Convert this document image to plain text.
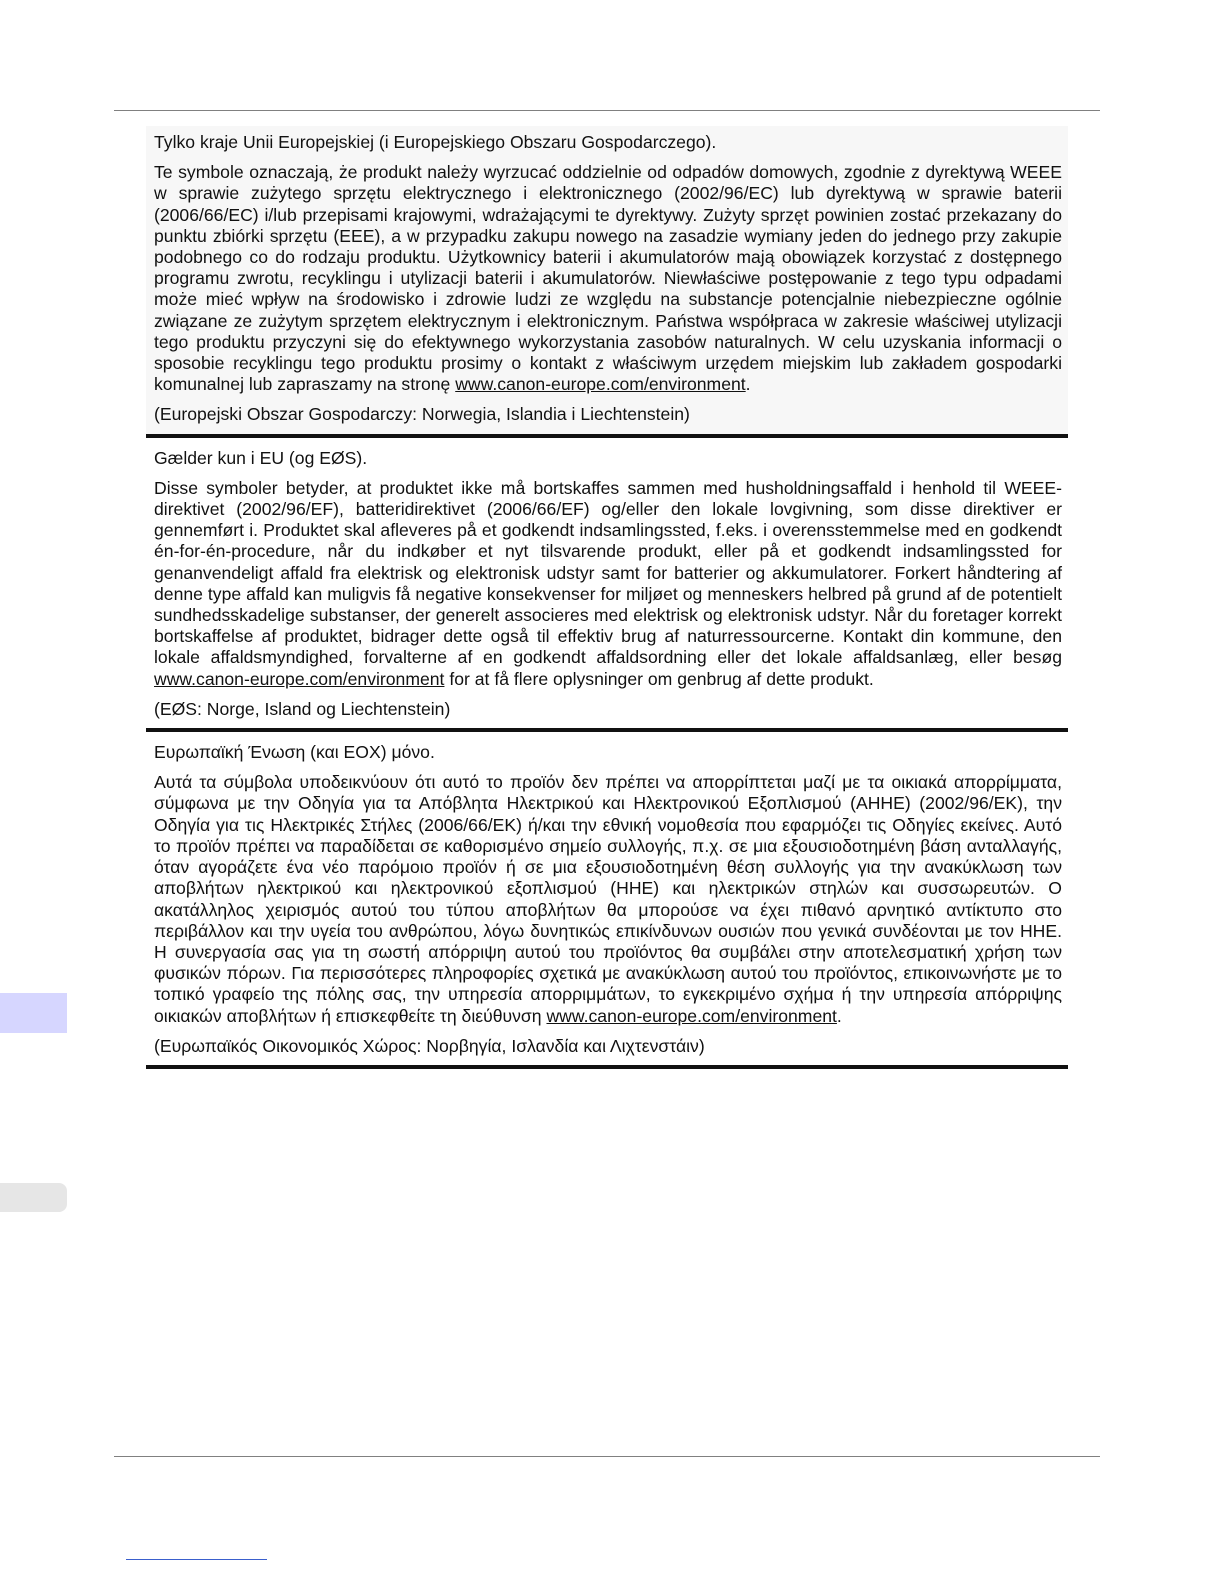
Tylko kraje Unii Europejskiej (i Europejskiego Obszaru Gospodarczego).

Te symbole oznaczają, że produkt należy wyrzucać oddzielnie od odpadów domowych, zgodnie z dyrektywą WEEE w sprawie zużytego sprzętu elektrycznego i elektronicznego (2002/96/EC) lub dyrektywą w sprawie baterii (2006/66/EC) i/lub przepisami krajowymi, wdrażającymi te dyrektywy. Zużyty sprzęt powinien zostać przekazany do punktu zbiórki sprzętu (EEE), a w przypadku zakupu nowego na zasadzie wymiany jeden do jednego przy zakupie podobnego co do rodzaju produktu. Użytkownicy baterii i akumulatorów mają obowiązek korzystać z dostępnego programu zwrotu, recyklingu i utylizacji baterii i akumulatorów. Niewłaściwe postępowanie z tego typu odpadami może mieć wpływ na środowisko i zdrowie ludzi ze względu na substancje potencjalnie niebezpieczne ogólnie związane ze zużytym sprzętem elektrycznym i elektronicznym. Państwa współpraca w zakresie właściwej utylizacji tego produktu przyczyni się do efektywnego wykorzystania zasobów naturalnych. W celu uzyskania informacji o sposobie recyklingu tego produktu prosimy o kontakt z właściwym urzędem miejskim lub zakładem gospodarki komunalnej lub zapraszamy na stronę www.canon-europe.com/environment.

(Europejski Obszar Gospodarczy: Norwegia, Islandia i Liechtenstein)

Gælder kun i EU (og EØS).

Disse symboler betyder, at produktet ikke må bortskaffes sammen med husholdningsaffald i henhold til WEEE-direktivet (2002/96/EF), batteridirektivet (2006/66/EF) og/eller den lokale lovgivning, som disse direktiver er gennemført i. Produktet skal afleveres på et godkendt indsamlingssted, f.eks. i overensstemmelse med en godkendt én-for-én-procedure, når du indkøber et nyt tilsvarende produkt, eller på et godkendt indsamlingssted for genanvendeligt affald fra elektrisk og elektronisk udstyr samt for batterier og akkumulatorer. Forkert håndtering af denne type affald kan muligvis få negative konsekvenser for miljøet og menneskers helbred på grund af de potentielt sundhedsskadelige substanser, der generelt associeres med elektrisk og elektronisk udstyr. Når du foretager korrekt bortskaffelse af produktet, bidrager dette også til effektiv brug af naturressourcerne. Kontakt din kommune, den lokale affaldsmyndighed, forvalterne af en godkendt affaldsordning eller det lokale affaldsanlæg, eller besøg www.canon-europe.com/environment for at få flere oplysninger om genbrug af dette produkt.

(EØS: Norge, Island og Liechtenstein)

Ευρωπαϊκή Ένωση (και ΕΟΧ) μόνο.

Αυτά τα σύμβολα υποδεικνύουν ότι αυτό το προϊόν δεν πρέπει να απορρίπτεται μαζί με τα οικιακά απορρίμματα, σύμφωνα με την Οδηγία για τα Απόβλητα Ηλεκτρικού και Ηλεκτρονικού Εξοπλισμού (ΑΗΗΕ) (2002/96/ΕΚ), την Οδηγία για τις Ηλεκτρικές Στήλες (2006/66/ΕΚ) ή/και την εθνική νομοθεσία που εφαρμόζει τις Οδηγίες εκείνες. Αυτό το προϊόν πρέπει να παραδίδεται σε καθορισμένο σημείο συλλογής, π.χ. σε μια εξουσιοδοτημένη βάση ανταλλαγής, όταν αγοράζετε ένα νέο παρόμοιο προϊόν ή σε μια εξουσιοδοτημένη θέση συλλογής για την ανακύκλωση των αποβλήτων ηλεκτρικού και ηλεκτρονικού εξοπλισμού (ΗΗΕ) και ηλεκτρικών στηλών και συσσωρευτών. Ο ακατάλληλος χειρισμός αυτού του τύπου αποβλήτων θα μπορούσε να έχει πιθανό αρνητικό αντίκτυπο στο περιβάλλον και την υγεία του ανθρώπου, λόγω δυνητικώς επικίνδυνων ουσιών που γενικά συνδέονται με τον ΗΗΕ. Η συνεργασία σας για τη σωστή απόρριψη αυτού του προϊόντος θα συμβάλει στην αποτελεσματική χρήση των φυσικών πόρων. Για περισσότερες πληροφορίες σχετικά με ανακύκλωση αυτού του προϊόντος, επικοινωνήστε με το τοπικό γραφείο της πόλης σας, την υπηρεσία απορριμμάτων, το εγκεκριμένο σχήμα ή την υπηρεσία απόρριψης οικιακών αποβλήτων ή επισκεφθείτε τη διεύθυνση www.canon-europe.com/environment.

(Ευρωπαϊκός Οικονομικός Χώρος: Νορβηγία, Ισλανδία και Λιχτενστάιν)
